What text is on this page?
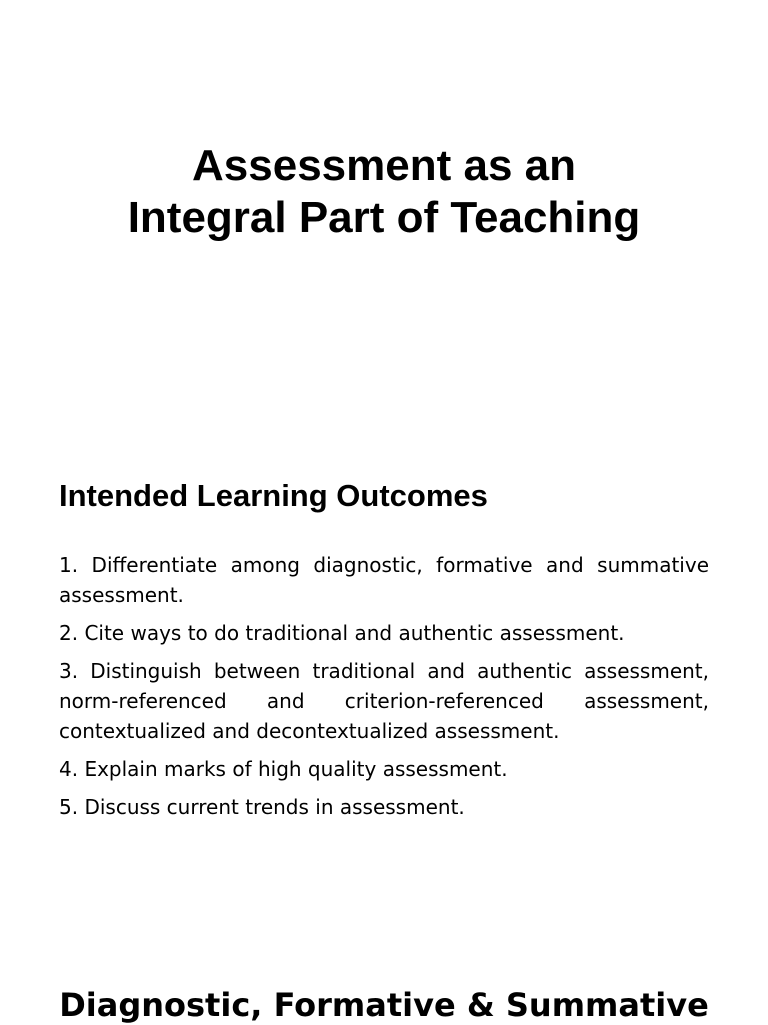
Assessment as an
Integral Part of Teaching
Intended Learning Outcomes
1. Differentiate among diagnostic, formative and summative assessment.
2. Cite ways to do traditional and authentic assessment.
3. Distinguish between traditional and authentic assessment, norm-referenced and criterion-referenced assessment, contextualized and decontextualized assessment.
4. Explain marks of high quality assessment.
5. Discuss current trends in assessment.
Diagnostic, Formative & Summative
